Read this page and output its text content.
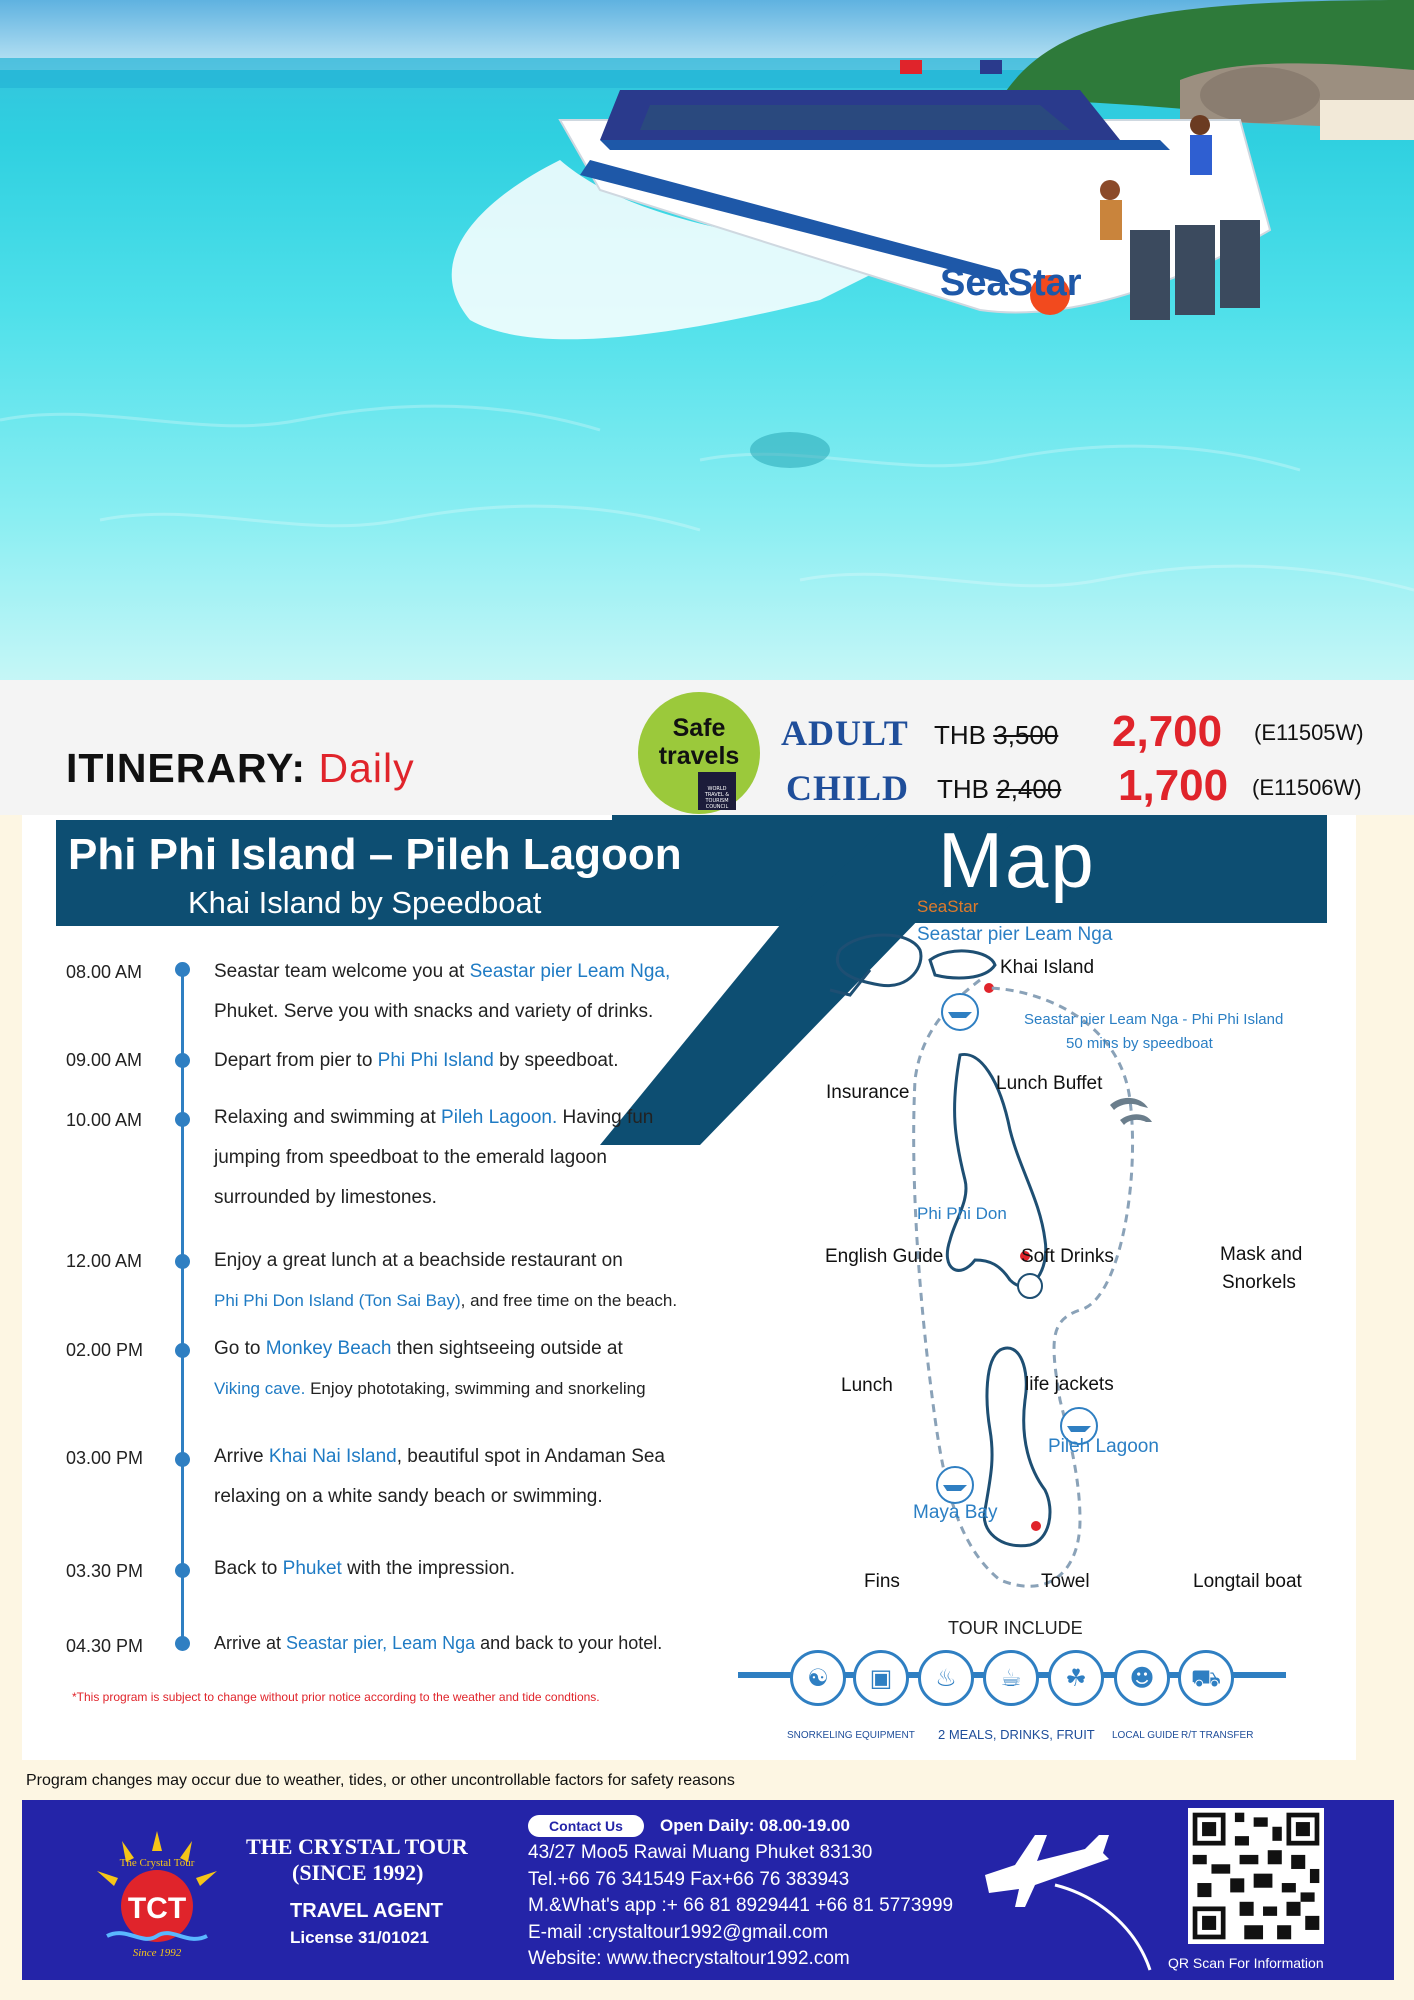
SeaStar
ITINERARY: Daily
Safe
travels
WORLD TRAVEL & TOURISM COUNCIL
ADULT THB 3,500 2,700 (E11505W)
CHILD THB 2,400 1,700 (E11506W)
Map
Phi Phi Island – Pileh Lagoon
Khai Island by Speedboat
08.00 AM	Seastar team welcome you at Seastar pier Leam Nga,
Phuket. Serve you with snacks and variety of drinks.
09.00 AM	Depart from pier to Phi Phi Island by speedboat.
10.00 AM	Relaxing and swimming at Pileh Lagoon. Having fun
jumping from speedboat to the emerald lagoon
surrounded by limestones.
12.00 AM	Enjoy a great lunch at a beachside restaurant on
Phi Phi Don Island (Ton Sai Bay), and free time on the beach.
02.00 PM	Go to Monkey Beach then sightseeing outside at
Viking cave. Enjoy phototaking, swimming and snorkeling
03.00 PM	Arrive Khai Nai Island, beautiful spot in Andaman Sea
relaxing on a white sandy beach or swimming.
03.30 PM	Back to Phuket with the impression.
04.30 PM	Arrive at Seastar pier, Leam Nga and back to your hotel.
*This program is subject to change without prior notice according to the weather and tide condtions.
SeaStar
Seastar pier Leam Nga
Khai Island
Seastar pier Leam Nga - Phi Phi Island
50 mins by speedboat
Phi Phi Don
Pileh Lagoon
Maya Bay
Insurance	Lunch Buffet
English Guide	Soft Drinks	Mask and
Snorkels
Lunch	life jackets
Fins	Towel	Longtail boat
TOUR INCLUDE
☯	▣	♨	☕	☘	☻	⛟
SNORKELING EQUIPMENT 2 MEALS, DRINKS, FRUIT LOCAL GUIDE R/T TRANSFER
Program changes may occur due to weather, tides, or other uncontrollable factors for safety reasons
TCT
The Crystal Tour
Since 1992
THE CRYSTAL TOUR
(SINCE 1992)
TRAVEL AGENT
License 31/01021
Contact Us	Open Daily: 08.00-19.00
43/27 Moo5 Rawai Muang Phuket 83130
Tel.+66 76 341549 Fax+66 76 383943
M.&What's app :+ 66 81 8929441 +66 81 5773999
E-mail :crystaltour1992@gmail.com
Website: www.thecrystaltour1992.com	QR Scan For Information
